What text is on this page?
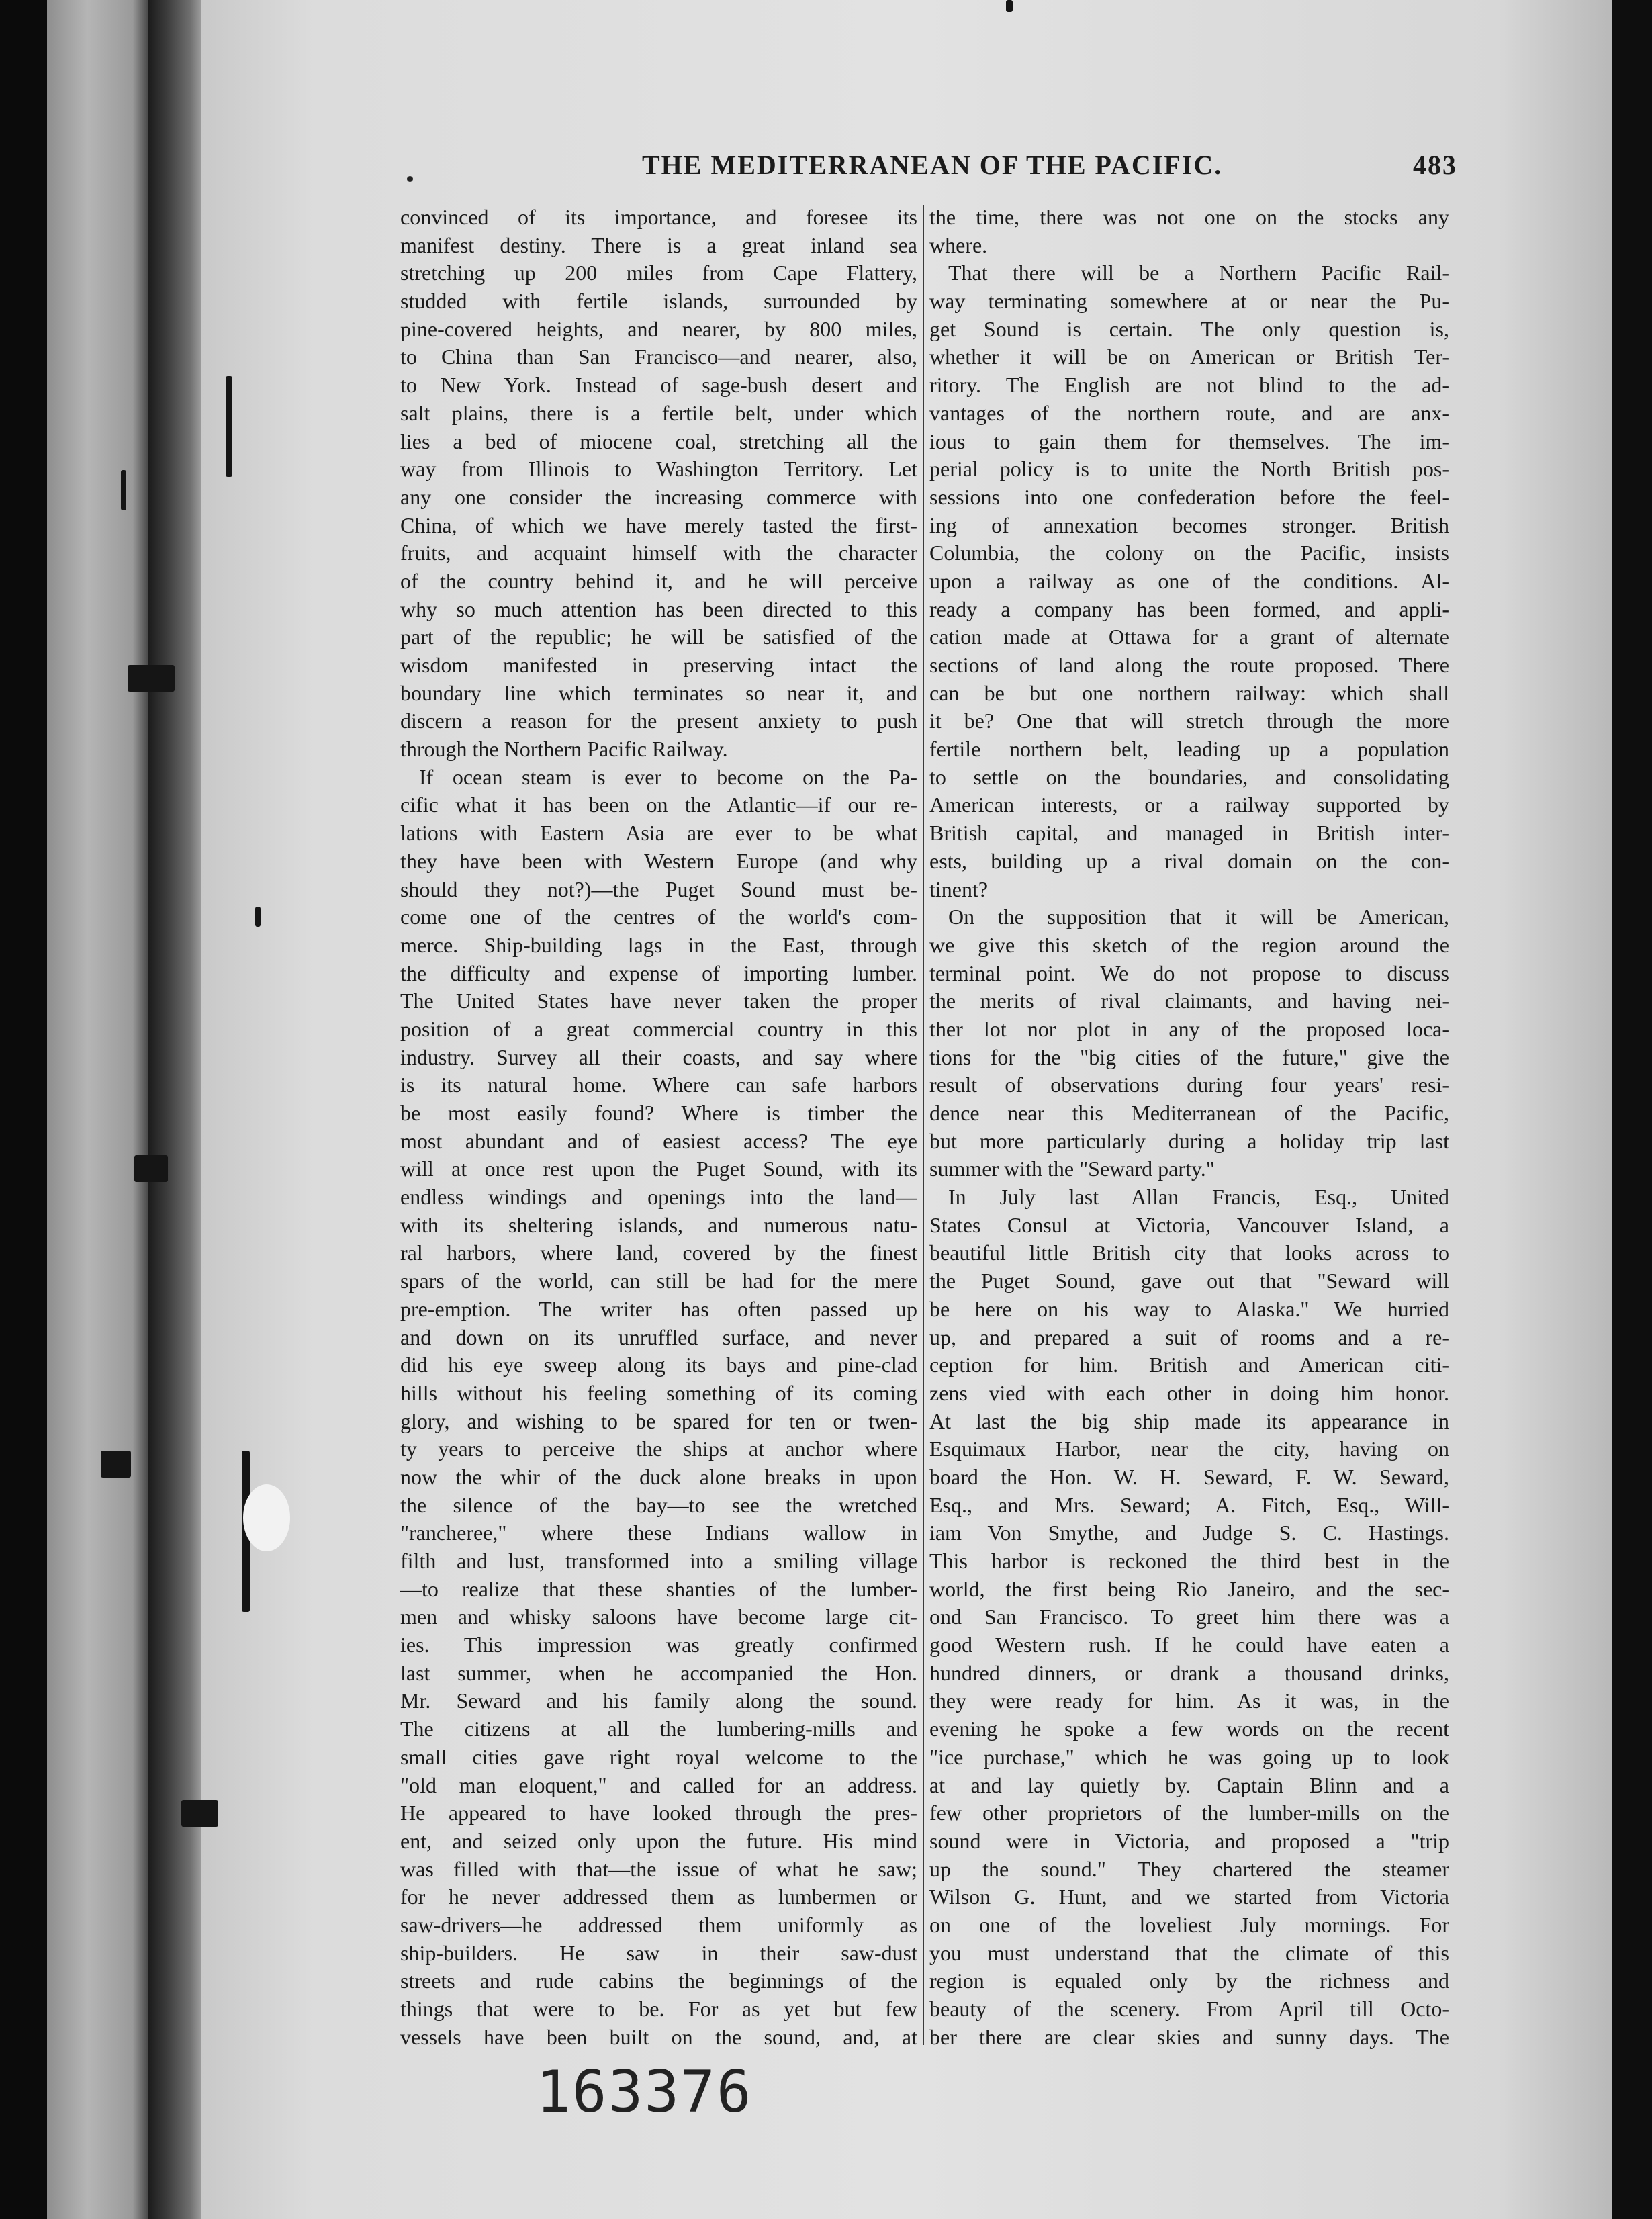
THE MEDITERRANEAN OF THE PACIFIC.	483
convinced of its importance, and foresee its
manifest destiny. There is a great inland sea
stretching up 200 miles from Cape Flattery,
studded with fertile islands, surrounded by
pine-covered heights, and nearer, by 800 miles,
to China than San Francisco—and nearer, also,
to New York. Instead of sage-bush desert and
salt plains, there is a fertile belt, under which
lies a bed of miocene coal, stretching all the
way from Illinois to Washington Territory. Let
any one consider the increasing commerce with
China, of which we have merely tasted the first-
fruits, and acquaint himself with the character
of the country behind it, and he will perceive
why so much attention has been directed to this
part of the republic; he will be satisfied of the
wisdom manifested in preserving intact the
boundary line which terminates so near it, and
discern a reason for the present anxiety to push
through the Northern Pacific Railway.
If ocean steam is ever to become on the Pa-
cific what it has been on the Atlantic—if our re-
lations with Eastern Asia are ever to be what
they have been with Western Europe (and why
should they not?)—the Puget Sound must be-
come one of the centres of the world's com-
merce. Ship-building lags in the East, through
the difficulty and expense of importing lumber.
The United States have never taken the proper
position of a great commercial country in this
industry. Survey all their coasts, and say where
is its natural home. Where can safe harbors
be most easily found? Where is timber the
most abundant and of easiest access? The eye
will at once rest upon the Puget Sound, with its
endless windings and openings into the land—
with its sheltering islands, and numerous natu-
ral harbors, where land, covered by the finest
spars of the world, can still be had for the mere
pre-emption. The writer has often passed up
and down on its unruffled surface, and never
did his eye sweep along its bays and pine-clad
hills without his feeling something of its coming
glory, and wishing to be spared for ten or twen-
ty years to perceive the ships at anchor where
now the whir of the duck alone breaks in upon
the silence of the bay—to see the wretched
"rancheree," where these Indians wallow in
filth and lust, transformed into a smiling village
—to realize that these shanties of the lumber-
men and whisky saloons have become large cit-
ies. This impression was greatly confirmed
last summer, when he accompanied the Hon.
Mr. Seward and his family along the sound.
The citizens at all the lumbering-mills and
small cities gave right royal welcome to the
"old man eloquent," and called for an address.
He appeared to have looked through the pres-
ent, and seized only upon the future. His mind
was filled with that—the issue of what he saw;
for he never addressed them as lumbermen or
saw-drivers—he addressed them uniformly as
ship-builders. He saw in their saw-dust
streets and rude cabins the beginnings of the
things that were to be. For as yet but few
vessels have been built on the sound, and, at
the time, there was not one on the stocks any
where.
That there will be a Northern Pacific Rail-
way terminating somewhere at or near the Pu-
get Sound is certain. The only question is,
whether it will be on American or British Ter-
ritory. The English are not blind to the ad-
vantages of the northern route, and are anx-
ious to gain them for themselves. The im-
perial policy is to unite the North British pos-
sessions into one confederation before the feel-
ing of annexation becomes stronger. British
Columbia, the colony on the Pacific, insists
upon a railway as one of the conditions. Al-
ready a company has been formed, and appli-
cation made at Ottawa for a grant of alternate
sections of land along the route proposed. There
can be but one northern railway: which shall
it be? One that will stretch through the more
fertile northern belt, leading up a population
to settle on the boundaries, and consolidating
American interests, or a railway supported by
British capital, and managed in British inter-
ests, building up a rival domain on the con-
tinent?
On the supposition that it will be American,
we give this sketch of the region around the
terminal point. We do not propose to discuss
the merits of rival claimants, and having nei-
ther lot nor plot in any of the proposed loca-
tions for the "big cities of the future," give the
result of observations during four years' resi-
dence near this Mediterranean of the Pacific,
but more particularly during a holiday trip last
summer with the "Seward party."
In July last Allan Francis, Esq., United
States Consul at Victoria, Vancouver Island, a
beautiful little British city that looks across to
the Puget Sound, gave out that "Seward will
be here on his way to Alaska." We hurried
up, and prepared a suit of rooms and a re-
ception for him. British and American citi-
zens vied with each other in doing him honor.
At last the big ship made its appearance in
Esquimaux Harbor, near the city, having on
board the Hon. W. H. Seward, F. W. Seward,
Esq., and Mrs. Seward; A. Fitch, Esq., Will-
iam Von Smythe, and Judge S. C. Hastings.
This harbor is reckoned the third best in the
world, the first being Rio Janeiro, and the sec-
ond San Francisco. To greet him there was a
good Western rush. If he could have eaten a
hundred dinners, or drank a thousand drinks,
they were ready for him. As it was, in the
evening he spoke a few words on the recent
"ice purchase," which he was going up to look
at and lay quietly by. Captain Blinn and a
few other proprietors of the lumber-mills on the
sound were in Victoria, and proposed a "trip
up the sound." They chartered the steamer
Wilson G. Hunt, and we started from Victoria
on one of the loveliest July mornings. For
you must understand that the climate of this
region is equaled only by the richness and
beauty of the scenery. From April till Octo-
ber there are clear skies and sunny days. The
163376
